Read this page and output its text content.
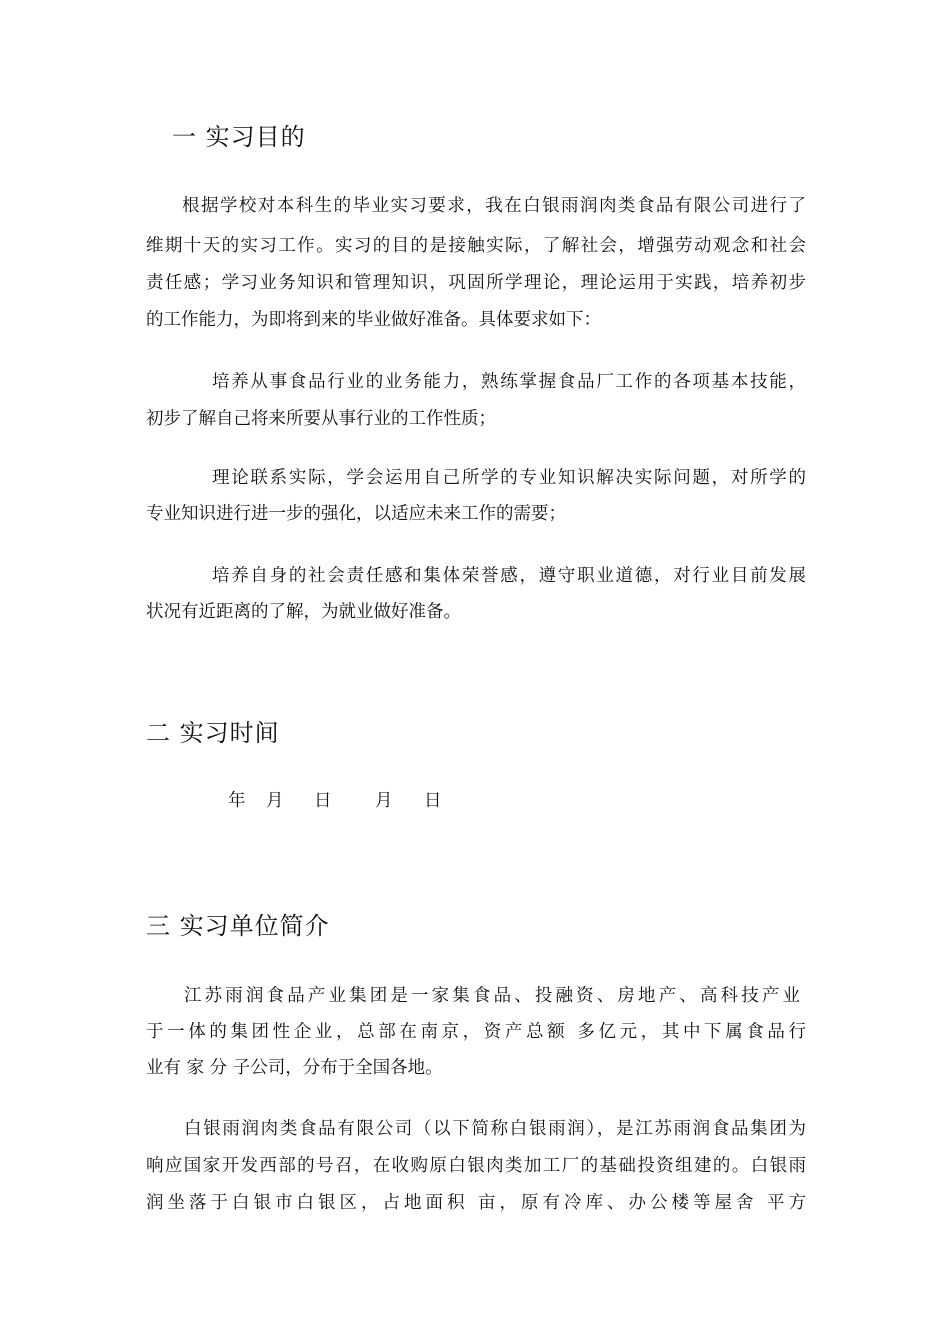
一 实习目的
根据学校对本科生的毕业实习要求，我在白银雨润肉类食品有限公司进行了
维期十天的实习工作。实习的目的是接触实际，了解社会，增强劳动观念和社会
责任感；学习业务知识和管理知识，巩固所学理论，理论运用于实践，培养初步
的工作能力，为即将到来的毕业做好准备。具体要求如下：
培养从事食品行业的业务能力，熟练掌握食品厂工作的各项基本技能，
初步了解自己将来所要从事行业的工作性质；
理论联系实际，学会运用自己所学的专业知识解决实际问题，对所学的
专业知识进行进一步的强化，以适应未来工作的需要；
培养自身的社会责任感和集体荣誉感，遵守职业道德，对行业目前发展
状况有近距离的了解，为就业做好准备。
二 实习时间
年 月 日 月 日
三 实习单位简介
江苏雨润食品产业集团是一家集食品、投融资、房地产、高科技产业
于一体的集团性企业，总部在南京，资产总额 多亿元，其中下属食品行
业有 家 分 子公司，分布于全国各地。
白银雨润肉类食品有限公司（以下简称白银雨润），是江苏雨润食品集团为
响应国家开发西部的号召，在收购原白银肉类加工厂的基础投资组建的。白银雨
润坐落于白银市白银区，占地面积 亩，原有冷库、办公楼等屋舍 平方
